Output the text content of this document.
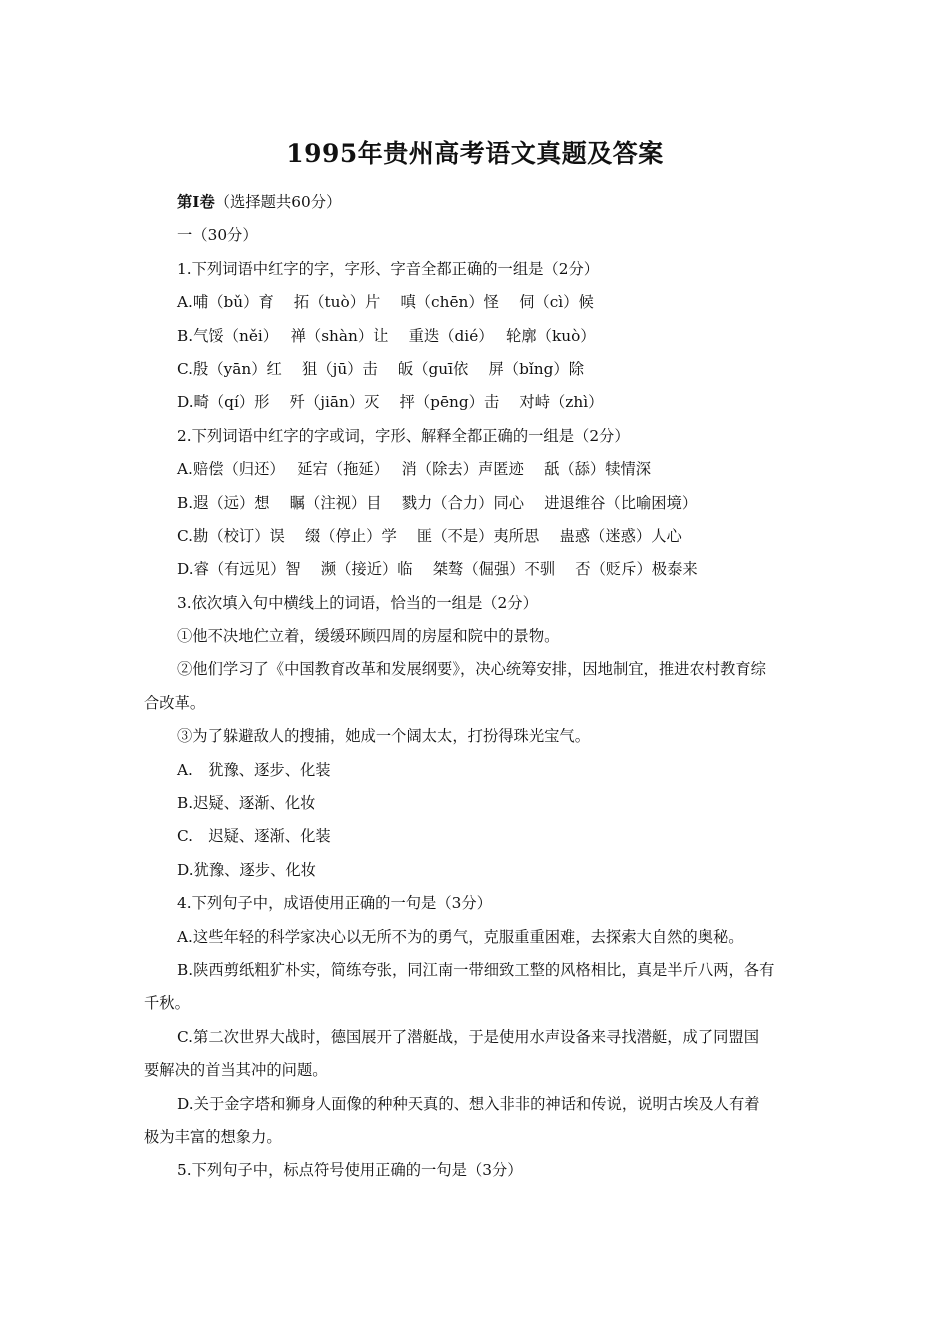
1995年贵州高考语文真题及答案
第Ⅰ卷（选择题共60分）
一（30分）
1.下列词语中红字的字，字形、字音全都正确的一组是（2分）
A.哺（bǔ）育　 拓（tuò）片　 嗔（chēn）怪　 伺（cì）候
B.气馁（něi）　 禅（shàn）让　 重迭（dié）　 轮廓（kuò）
C.殷（yān）红　 狙（jū）击　 皈（guī依　 屏（bǐng）除
D.畸（qí）形　 歼（jiān）灭　 抨（pēng）击　 对峙（zhì）
2.下列词语中红字的字或词，字形、解释全都正确的一组是（2分）
A.赔偿（归还）　 延宕（拖延）　 消（除去）声匿迹　 舐（舔）犊情深
B.遐（远）想　 瞩（注视）目　 戮力（合力）同心　 进退维谷（比喻困境）
C.勘（校订）误　 缀（停止）学　 匪（不是）夷所思　 蛊惑（迷惑）人心
D.睿（有远见）智　 濒（接近）临　 桀骜（倔强）不驯　 否（贬斥）极泰来
3.依次填入句中横线上的词语，恰当的一组是（2分）
①他不决地伫立着，缓缓环顾四周的房屋和院中的景物。
②他们学习了《中国教育改革和发展纲要》，决心统筹安排，因地制宜，推进农村教育综
合改革。
③为了躲避敌人的搜捕，她成一个阔太太，打扮得珠光宝气。
A.　犹豫、逐步、化装
B.迟疑、逐渐、化妆
C.　迟疑、逐渐、化装
D.犹豫、逐步、化妆
4.下列句子中，成语使用正确的一句是（3分）
A.这些年轻的科学家决心以无所不为的勇气，克服重重困难，去探索大自然的奥秘。
B.陕西剪纸粗犷朴实，简练夸张，同江南一带细致工整的风格相比，真是半斤八两，各有
千秋。
C.第二次世界大战时，德国展开了潜艇战，于是使用水声设备来寻找潜艇，成了同盟国
要解决的首当其冲的问题。
D.关于金字塔和狮身人面像的种种天真的、想入非非的神话和传说，说明古埃及人有着
极为丰富的想象力。
5.下列句子中，标点符号使用正确的一句是（3分）
